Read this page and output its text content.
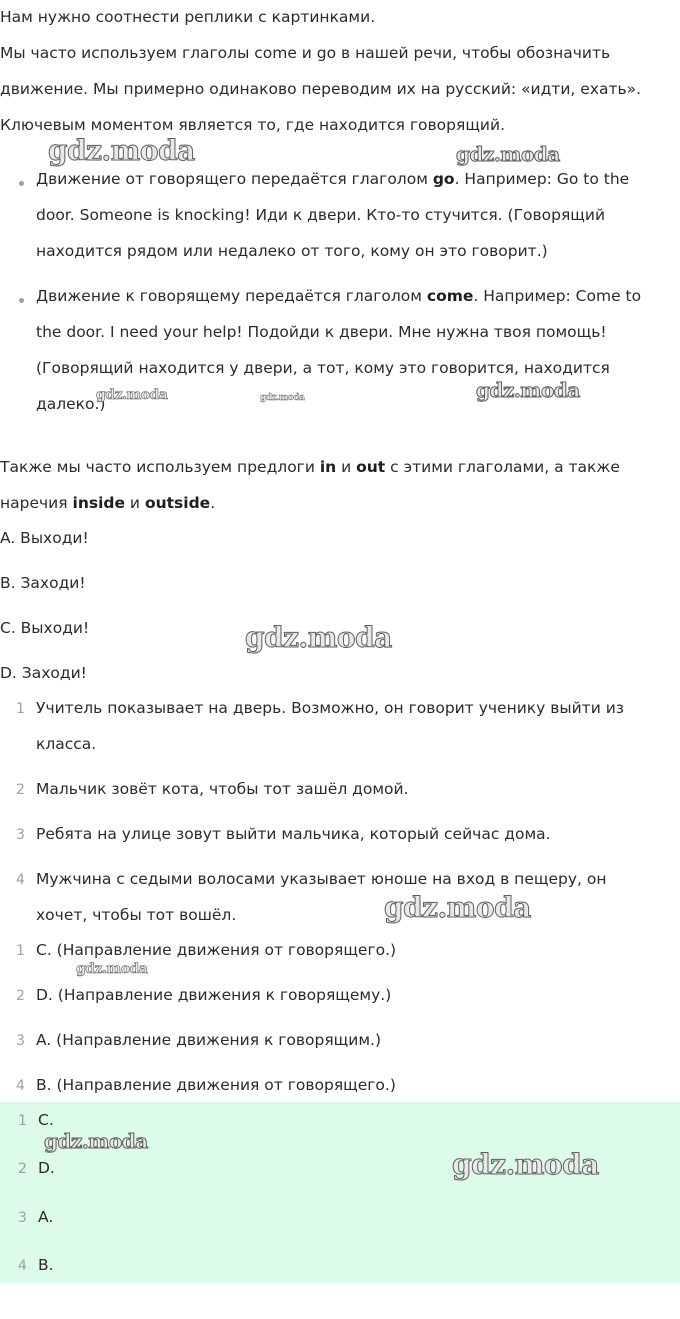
Нам нужно соотнести реплики с картинками.
Мы часто используем глаголы come и go в нашей речи, чтобы обозначить
движение. Мы примерно одинаково переводим их на русский: «идти, ехать».
Ключевым моментом является то, где находится говорящий.
Движение от говорящего передаётся глаголом go. Например: Go to the
door. Someone is knocking! Иди к двери. Кто-то стучится. (Говорящий
находится рядом или недалеко от того, кому он это говорит.)
Движение к говорящему передаётся глаголом come. Например: Come to
the door. I need your help! Подойди к двери. Мне нужна твоя помощь!
(Говорящий находится у двери, а тот, кому это говорится, находится
далеко.)
Также мы часто используем предлоги in и out с этими глаголами, а также
наречия inside и outside.
A. Выходи!
B. Заходи!
C. Выходи!
D. Заходи!
1 Учитель показывает на дверь. Возможно, он говорит ученику выйти из
класса.
2 Мальчик зовёт кота, чтобы тот зашёл домой.
3 Ребята на улице зовут выйти мальчика, который сейчас дома.
4 Мужчина с седыми волосами указывает юноше на вход в пещеру, он
хочет, чтобы тот вошёл.
1 C. (Направление движения от говорящего.)
2 D. (Направление движения к говорящему.)
3 A. (Направление движения к говорящим.)
4 B. (Направление движения от говорящего.)
1 C.
2 D.
3 A.
4 B.
gdz.moda	gdz.moda
gdz.moda	gdz.moda	gdz.moda
gdz.moda
gdz.moda
gdz.moda
gdz.moda
gdz.moda
